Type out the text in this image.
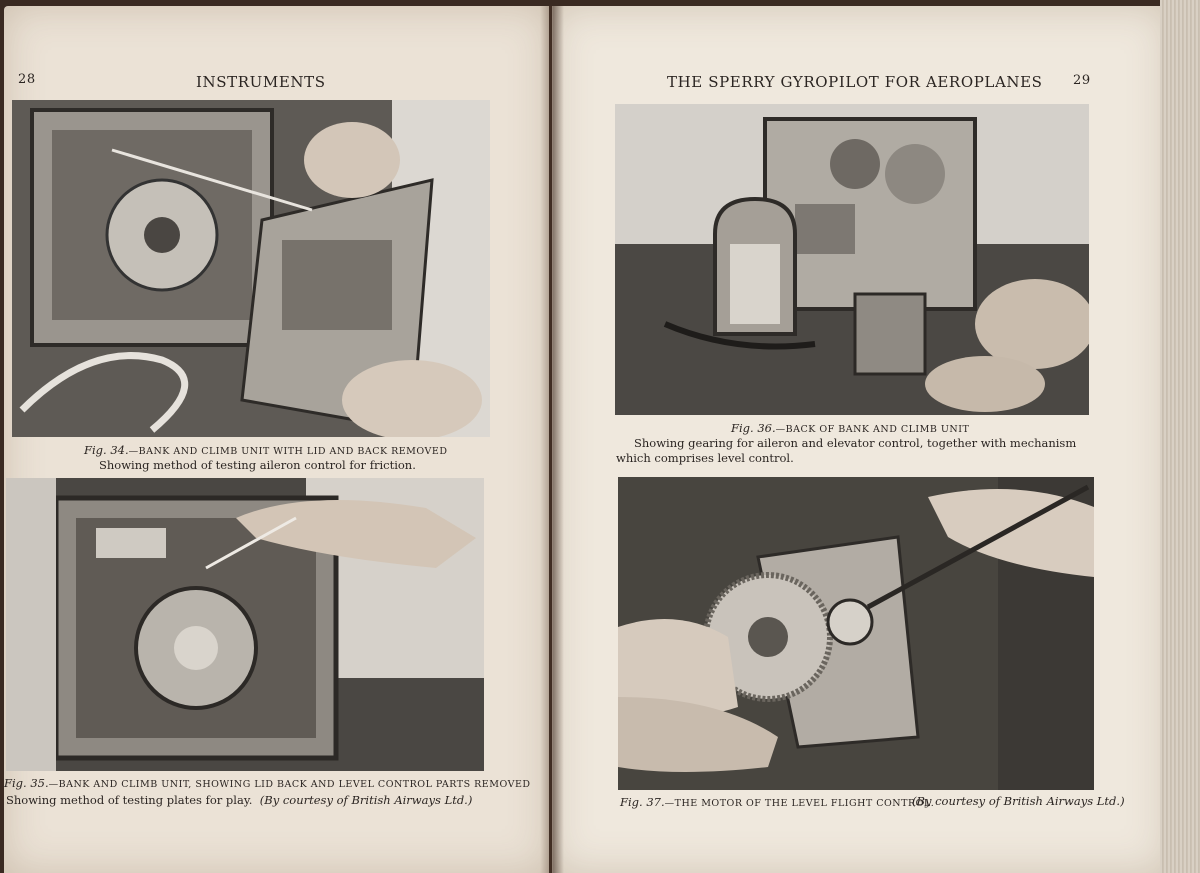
28	INSTRUMENTS	THE SPERRY GYROPILOT FOR AEROPLANES 29
Fig. 34.—BANK AND CLIMB UNIT WITH LID AND BACK REMOVED
Showing method of testing aileron control for friction.
Fig. 35.—BANK AND CLIMB UNIT, SHOWING LID BACK AND LEVEL CONTROL PARTS REMOVED
Showing method of testing plates for play. (By courtesy of British Airways Ltd.)
Fig. 36.—BACK OF BANK AND CLIMB UNIT
Showing gearing for aileron and elevator control, together with mechanism which comprises level control.
Fig. 37.—THE MOTOR OF THE LEVEL FLIGHT CONTROL.
(By courtesy of British Airways Ltd.)
